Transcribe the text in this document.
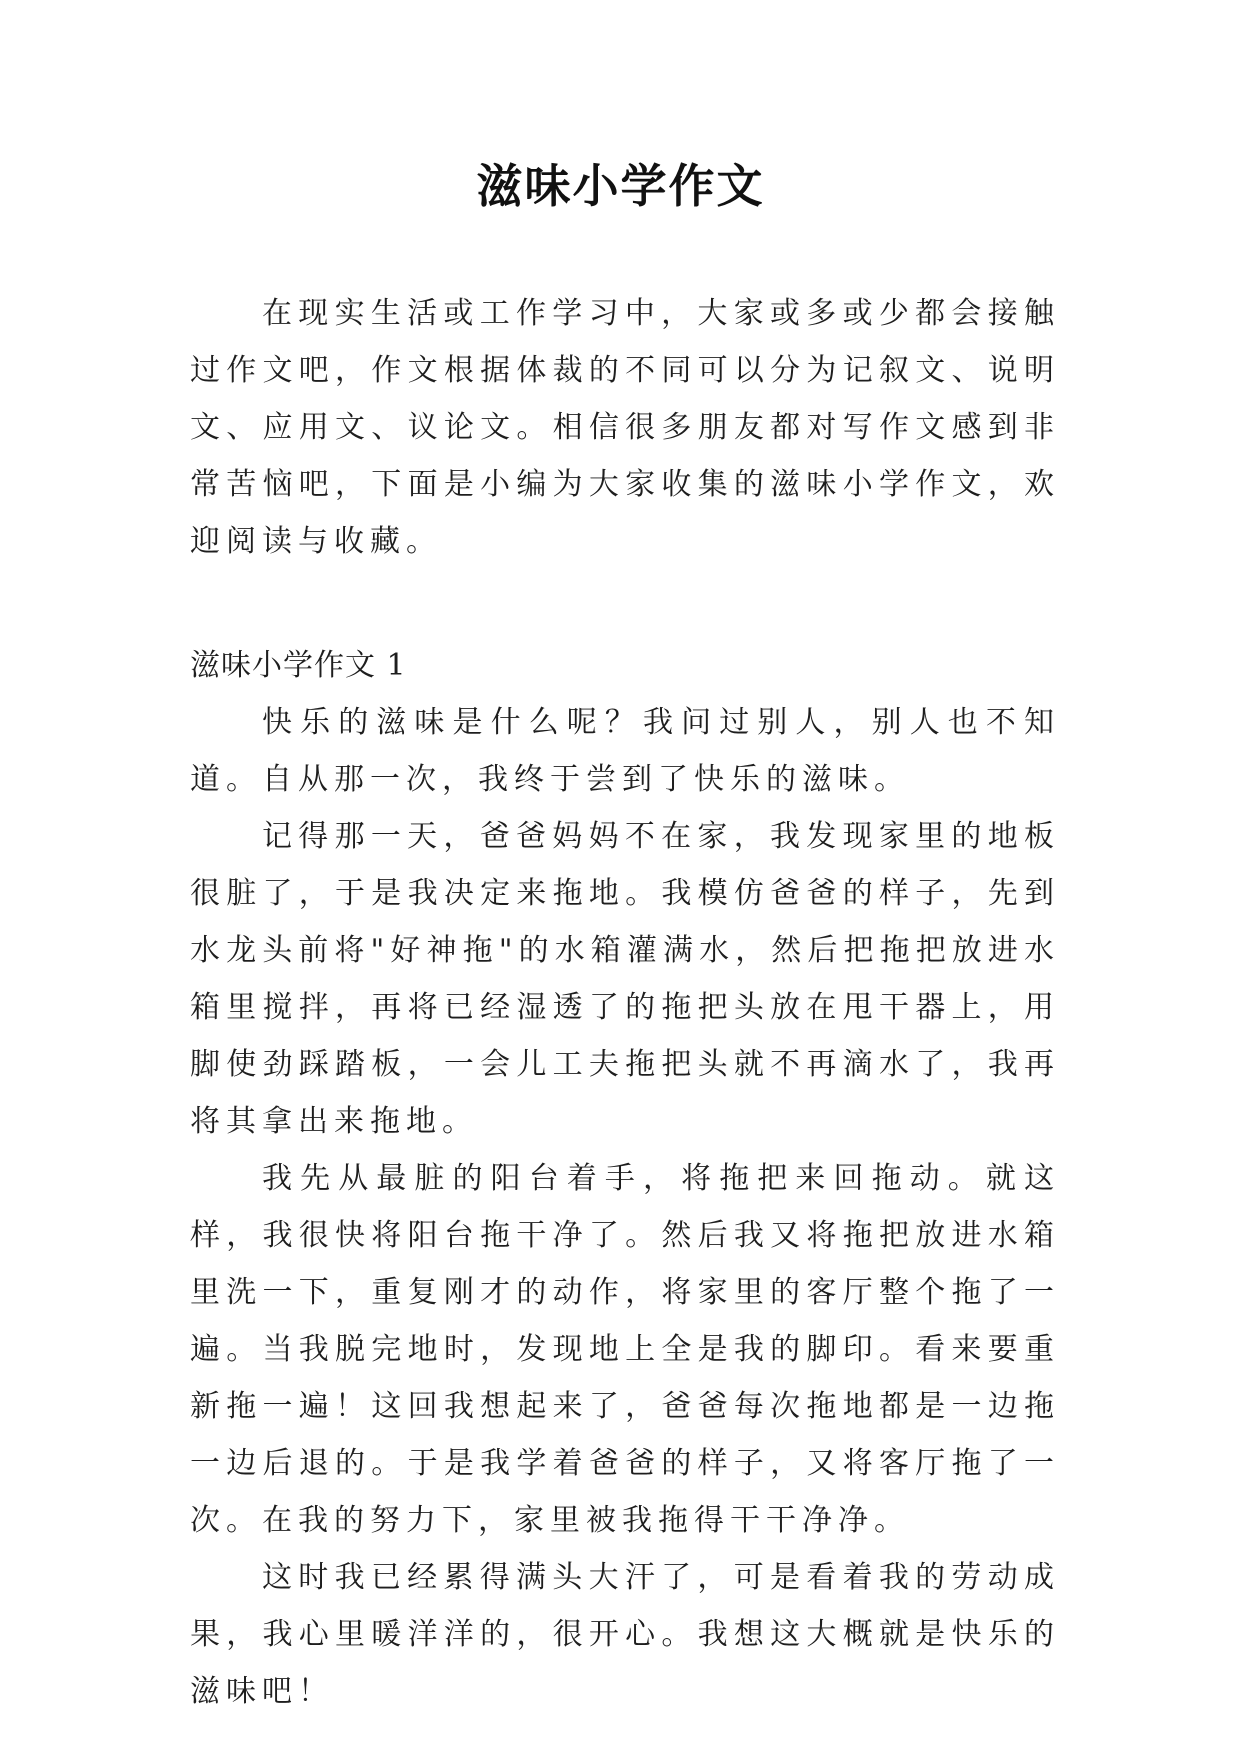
滋味小学作文

在现实生活或工作学习中，大家或多或少都会接触过作文吧，作文根据体裁的不同可以分为记叙文、说明文、应用文、议论文。相信很多朋友都对写作文感到非常苦恼吧，下面是小编为大家收集的滋味小学作文，欢迎阅读与收藏。

滋味小学作文 1

快乐的滋味是什么呢？我问过别人，别人也不知道。自从那一次，我终于尝到了快乐的滋味。

记得那一天，爸爸妈妈不在家，我发现家里的地板很脏了，于是我决定来拖地。我模仿爸爸的样子，先到水龙头前将"好神拖"的水箱灌满水，然后把拖把放进水箱里搅拌，再将已经湿透了的拖把头放在甩干器上，用脚使劲踩踏板，一会儿工夫拖把头就不再滴水了，我再将其拿出来拖地。

我先从最脏的阳台着手，将拖把来回拖动。就这样，我很快将阳台拖干净了。然后我又将拖把放进水箱里洗一下，重复刚才的动作，将家里的客厅整个拖了一遍。当我脱完地时，发现地上全是我的脚印。看来要重新拖一遍！这回我想起来了，爸爸每次拖地都是一边拖一边后退的。于是我学着爸爸的样子，又将客厅拖了一次。在我的努力下，家里被我拖得干干净净。

这时我已经累得满头大汗了，可是看着我的劳动成果，我心里暖洋洋的，很开心。我想这大概就是快乐的滋味吧！
